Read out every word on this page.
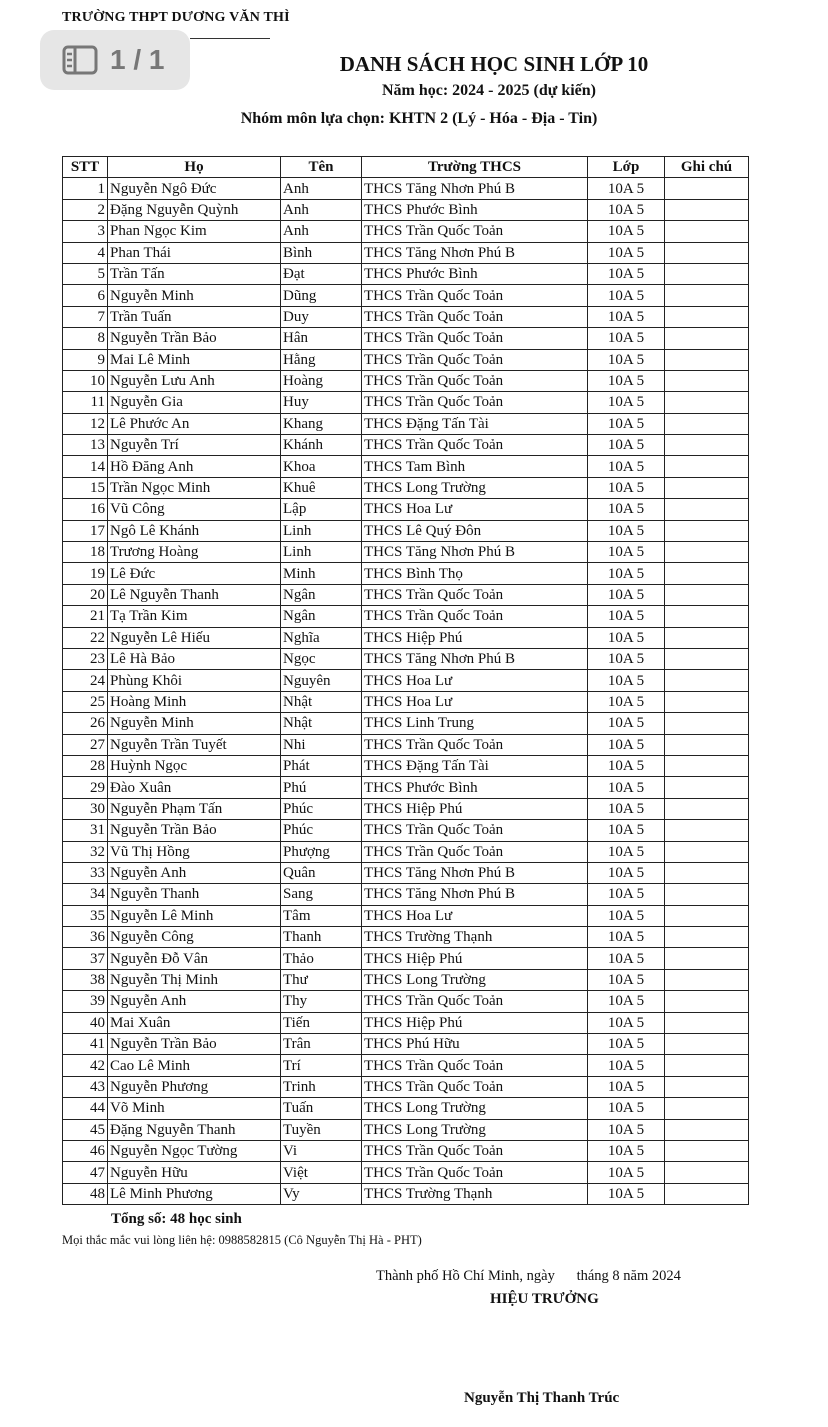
TRƯỜNG THPT DƯƠNG VĂN THÌ
1 / 1	DANH SÁCH HỌC SINH LỚP 10
Năm học: 2024 - 2025 (dự kiến)
Nhóm môn lựa chọn: KHTN 2 (Lý - Hóa - Địa - Tin)
STT	Họ	Tên	Trường THCS	Lớp	Ghi chú
1	Nguyễn Ngô Đức	Anh	THCS Tăng Nhơn Phú B	10A 5	
2	Đặng Nguyễn Quỳnh	Anh	THCS Phước Bình	10A 5	
3	Phan Ngọc Kim	Anh	THCS Trần Quốc Toản	10A 5	
4	Phan Thái	Bình	THCS Tăng Nhơn Phú B	10A 5	
5	Trần Tấn	Đạt	THCS Phước Bình	10A 5	
6	Nguyễn Minh	Dũng	THCS Trần Quốc Toản	10A 5	
7	Trần Tuấn	Duy	THCS Trần Quốc Toản	10A 5	
8	Nguyễn Trần Bảo	Hân	THCS Trần Quốc Toản	10A 5	
9	Mai Lê Minh	Hằng	THCS Trần Quốc Toản	10A 5	
10	Nguyễn Lưu Anh	Hoàng	THCS Trần Quốc Toản	10A 5	
11	Nguyễn Gia	Huy	THCS Trần Quốc Toản	10A 5	
12	Lê Phước An	Khang	THCS Đặng Tấn Tài	10A 5	
13	Nguyễn Trí	Khánh	THCS Trần Quốc Toản	10A 5	
14	Hồ Đăng Anh	Khoa	THCS Tam Bình	10A 5	
15	Trần Ngọc Minh	Khuê	THCS Long Trường	10A 5	
16	Vũ Công	Lập	THCS Hoa Lư	10A 5	
17	Ngô Lê Khánh	Linh	THCS Lê Quý Đôn	10A 5	
18	Trương Hoàng	Linh	THCS Tăng Nhơn Phú B	10A 5	
19	Lê Đức	Minh	THCS Bình Thọ	10A 5	
20	Lê Nguyễn Thanh	Ngân	THCS Trần Quốc Toản	10A 5	
21	Tạ Trần Kim	Ngân	THCS Trần Quốc Toản	10A 5	
22	Nguyễn Lê Hiếu	Nghĩa	THCS Hiệp Phú	10A 5	
23	Lê Hà Bảo	Ngọc	THCS Tăng Nhơn Phú B	10A 5	
24	Phùng Khôi	Nguyên	THCS Hoa Lư	10A 5	
25	Hoàng Minh	Nhật	THCS Hoa Lư	10A 5	
26	Nguyễn Minh	Nhật	THCS Linh Trung	10A 5	
27	Nguyễn Trần Tuyết	Nhi	THCS Trần Quốc Toản	10A 5	
28	Huỳnh Ngọc	Phát	THCS Đặng Tấn Tài	10A 5	
29	Đào Xuân	Phú	THCS Phước Bình	10A 5	
30	Nguyễn Phạm Tấn	Phúc	THCS Hiệp Phú	10A 5	
31	Nguyễn Trần Bảo	Phúc	THCS Trần Quốc Toản	10A 5	
32	Vũ Thị Hồng	Phượng	THCS Trần Quốc Toản	10A 5	
33	Nguyễn Anh	Quân	THCS Tăng Nhơn Phú B	10A 5	
34	Nguyễn Thanh	Sang	THCS Tăng Nhơn Phú B	10A 5	
35	Nguyễn Lê Minh	Tâm	THCS Hoa Lư	10A 5	
36	Nguyễn Công	Thanh	THCS Trường Thạnh	10A 5	
37	Nguyễn Đỗ Vân	Thảo	THCS Hiệp Phú	10A 5	
38	Nguyễn Thị Minh	Thư	THCS Long Trường	10A 5	
39	Nguyễn Anh	Thy	THCS Trần Quốc Toản	10A 5	
40	Mai Xuân	Tiến	THCS Hiệp Phú	10A 5	
41	Nguyễn Trần Bảo	Trân	THCS Phú Hữu	10A 5	
42	Cao Lê Minh	Trí	THCS Trần Quốc Toản	10A 5	
43	Nguyễn Phương	Trinh	THCS Trần Quốc Toản	10A 5	
44	Võ Minh	Tuấn	THCS Long Trường	10A 5	
45	Đặng Nguyễn Thanh	Tuyền	THCS Long Trường	10A 5	
46	Nguyễn Ngọc Tường	Vi	THCS Trần Quốc Toản	10A 5	
47	Nguyễn Hữu	Việt	THCS Trần Quốc Toản	10A 5	
48	Lê Minh Phương	Vy	THCS Trường Thạnh	10A 5	
Tổng số: 48 học sinh
Mọi thắc mắc vui lòng liên hệ: 0988582815 (Cô Nguyễn Thị Hà - PHT)
Thành phố Hồ Chí Minh, ngày      tháng 8 năm 2024
HIỆU TRƯỞNG
Nguyễn Thị Thanh Trúc
